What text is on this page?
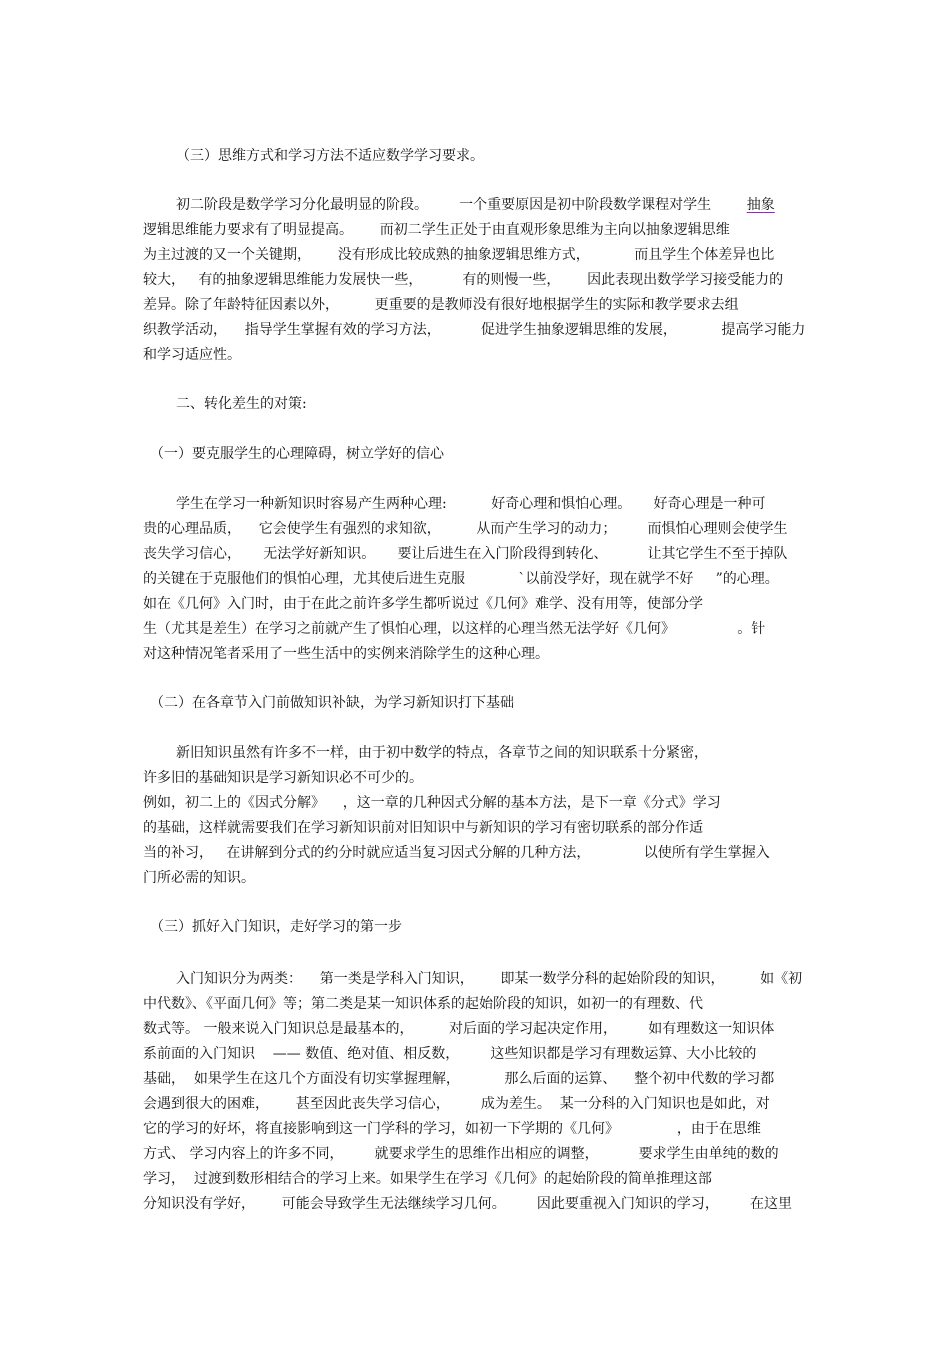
（三）思维方式和学习方法不适应数学学习要求。
初二阶段是数学学习分化最明显的阶段。       一个重要原因是初中阶段数学课程对学生        抽象
逻辑思维能力要求有了明显提高。      而初二学生正处于由直观形象思维为主向以抽象逻辑思维
为主过渡的又一个关键期，      没有形成比较成熟的抽象逻辑思维方式，          而且学生个体差异也比
较大，   有的抽象逻辑思维能力发展快一些，         有的则慢一些，      因此表现出数学学习接受能力的
差异。除了年龄特征因素以外，        更重要的是教师没有很好地根据学生的实际和教学要求去组
织教学活动，    指导学生掌握有效的学习方法，         促进学生抽象逻辑思维的发展，          提高学习能力
和学习适应性。
二、转化差生的对策:
（一）要克服学生的心理障碍，树立学好的信心
学生在学习一种新知识时容易产生两种心理:          好奇心理和惧怕心理。     好奇心理是一种可
贵的心理品质，    它会使学生有强烈的求知欲，        从而产生学习的动力；       而惧怕心理则会使学生
丧失学习信心，     无法学好新知识。     要让后进生在入门阶段得到转化、         让其它学生不至于掉队
的关键在于克服他们的惧怕心理，尤其使后进生克服            `以前没学好，现在就学不好     ”的心理。
如在《几何》入门时，由于在此之前许多学生都听说过《几何》难学、没有用等，使部分学
生（尤其是差生）在学习之前就产生了惧怕心理，以这样的心理当然无法学好《几何》              。针
对这种情况笔者采用了一些生活中的实例来消除学生的这种心理。
（二）在各章节入门前做知识补缺，为学习新知识打下基础
新旧知识虽然有许多不一样，由于初中数学的特点，各章节之间的知识联系十分紧密，
许多旧的基础知识是学习新知识必不可少的。
例如，初二上的《因式分解》    ，这一章的几种因式分解的基本方法，是下一章《分式》学习
的基础，这样就需要我们在学习新知识前对旧知识中与新知识的学习有密切联系的部分作适
当的补习，   在讲解到分式的约分时就应适当复习因式分解的几种方法，            以使所有学生掌握入
门所必需的知识。
（三）抓好入门知识，走好学习的第一步
入门知识分为两类：    第一类是学科入门知识，      即某一数学分科的起始阶段的知识，        如《初
中代数》、《平面几何》等；第二类是某一知识体系的起始阶段的知识，如初一的有理数、代
数式等。 一般来说入门知识总是最基本的，        对后面的学习起决定作用，       如有理数这一知识体
系前面的入门知识    —— 数值、绝对值、相反数，       这些知识都是学习有理数运算、大小比较的
基础，  如果学生在这几个方面没有切实掌握理解，          那么后面的运算、    整个初中代数的学习都
会遇到很大的困难，      甚至因此丧失学习信心，       成为差生。  某一分科的入门知识也是如此，对
它的学习的好坏，将直接影响到这一门学科的学习，如初一下学期的《几何》             ，由于在思维
方式、 学习内容上的许多不同，       就要求学生的思维作出相应的调整，         要求学生由单纯的数的
学习，  过渡到数形相结合的学习上来。如果学生在学习《几何》的起始阶段的简单推理这部
分知识没有学好，      可能会导致学生无法继续学习几何。       因此要重视入门知识的学习，       在这里
